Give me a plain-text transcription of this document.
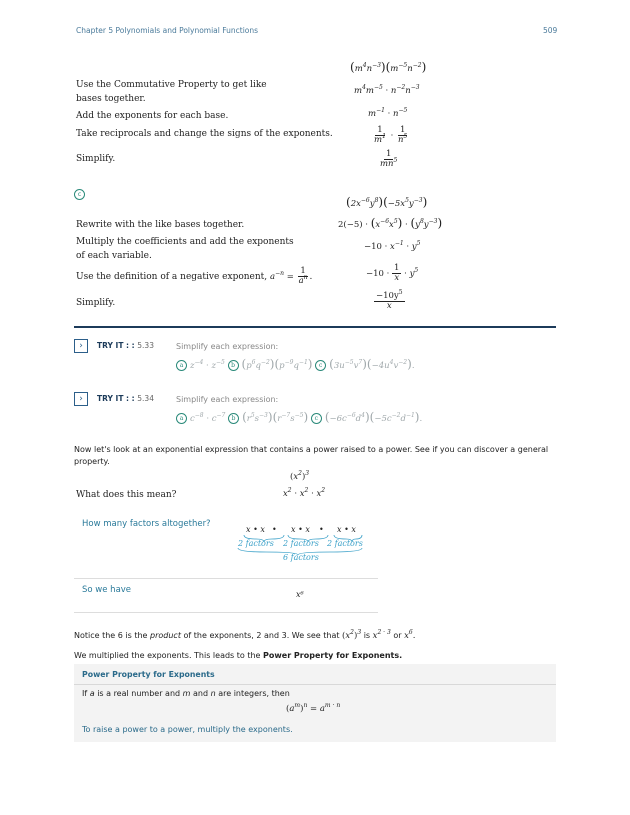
Chapter 5 Polynomials and Polynomial Functions	509
$(m^4n^{-3})(m^{-5}n^{-2})$
Use the Commutative Property to get like
bases together.
$m^4m^{-5} \cdot n^{-2}n^{-3}$
Add the exponents for each base.	$m^{-1} \cdot n^{-5}$
Take reciprocals and change the signs of the exponents.	$\frac{1}{m^1} \cdot \frac{1}{n^5}$
Simplify.	$\frac{1}{mn^5}$
c
$(2x^{-6}y^8)(-5x^5y^{-3})$
Rewrite with the like bases together.	$2(-5) \cdot (x^{-6}x^5) \cdot (y^8y^{-3})$
Multiply the coefficients and add the exponents
of each variable.
$-10 \cdot x^{-1} \cdot y^5$
Use the definition of a negative exponent, $a^{-n} = \frac{1}{a^n}$ .	$-10 \cdot \frac{1}{x} \cdot y^5$
Simplify.	$\frac{-10y^5}{x}$
› TRY IT : : 5.33	Simplify each expression:
a $z^{-4} \cdot z^{-5}$ b $(p^6q^{-2})(p^{-9}q^{-1})$ c $(3u^{-5}v^7)(-4u^4v^{-2})$.
› TRY IT : : 5.34	Simplify each expression:
a $c^{-8} \cdot c^{-7}$ b $(r^5s^{-3})(r^{-7}s^{-5})$ c $(-6c^{-6}d^4)(-5c^{-2}d^{-1})$.
Now let's look at an exponential expression that contains a power raised to a power. See if you can discover a general property.
$(x^2)^3$
What does this mean?	$x^2 \cdot x^2 \cdot x^2$
How many factors altogether?
x • x • x • x • x • x
2 factors 2 factors 2 factors
6 factors
So we have	x⁶
Notice the 6 is the product of the exponents, 2 and 3. We see that $(x^2)^3$ is $x^{2 \cdot 3}$ or $x^6$.
We multiplied the exponents. This leads to the Power Property for Exponents.
Power Property for Exponents
If a is a real number and m and n are integers, then
$(a^m)^n = a^{m \cdot n}$
To raise a power to a power, multiply the exponents.
